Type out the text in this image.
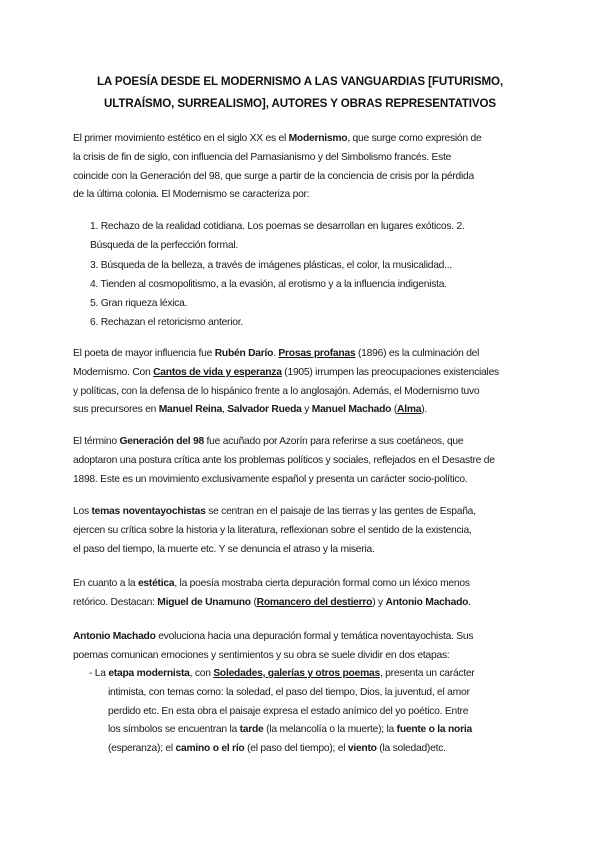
LA POESÍA DESDE EL MODERNISMO A LAS VANGUARDIAS [FUTURISMO,
ULTRAÍSMO, SURREALISMO], AUTORES Y OBRAS REPRESENTATIVOS
El primer movimiento estético en el siglo XX es el Modernismo, que surge como expresión de
la crisis de fin de siglo, con influencia del Parnasianismo y del Simbolismo francés. Este
coincide con la Generación del 98, que surge a partir de la conciencia de crisis por la pérdida
de la última colonia. El Modernismo se caracteriza por:
1. Rechazo de la realidad cotidiana. Los poemas se desarrollan en lugares exóticos. 2.
Búsqueda de la perfección formal.
3. Búsqueda de la belleza, a través de imágenes plásticas, el color, la musicalidad...
4. Tienden al cosmopolitismo, a la evasión, al erotismo y a la influencia indigenista.
5. Gran riqueza léxica.
6. Rechazan el retoricismo anterior.
El poeta de mayor influencia fue Rubén Darío. Prosas profanas (1896) es la culminación del
Modernismo. Con Cantos de vida y esperanza (1905) irrumpen las preocupaciones existenciales
y políticas, con la defensa de lo hispánico frente a lo anglosajón. Además, el Modernismo tuvo
sus precursores en Manuel Reina, Salvador Rueda y Manuel Machado (Alma).
El término Generación del 98 fue acuñado por Azorín para referirse a sus coetáneos, que
adoptaron una postura crítica ante los problemas políticos y sociales, reflejados en el Desastre de
1898. Este es un movimiento exclusivamente español y presenta un carácter socio-político.
Los temas noventayochistas se centran en el paisaje de las tierras y las gentes de España,
ejercen su crítica sobre la historia y la literatura, reflexionan sobre el sentido de la existencia,
el paso del tiempo, la muerte etc. Y se denuncia el atraso y la miseria.
En cuanto a la estética, la poesía mostraba cierta depuración formal como un léxico menos
retórico. Destacan: Miguel de Unamuno (Romancero del destierro) y Antonio Machado.
Antonio Machado evoluciona hacia una depuración formal y temática noventayochista. Sus
poemas comunican emociones y sentimientos y su obra se suele dividir en dos etapas:
- La etapa modernista, con Soledades, galerías y otros poemas, presenta un carácter
intimista, con temas como: la soledad, el paso del tiempo, Dios, la juventud, el amor
perdido etc. En esta obra el paisaje expresa el estado anímico del yo poético. Entre
los símbolos se encuentran la tarde (la melancolía o la muerte); la fuente o la noria
(esperanza); el camino o el río (el paso del tiempo); el viento (la soledad)etc.
